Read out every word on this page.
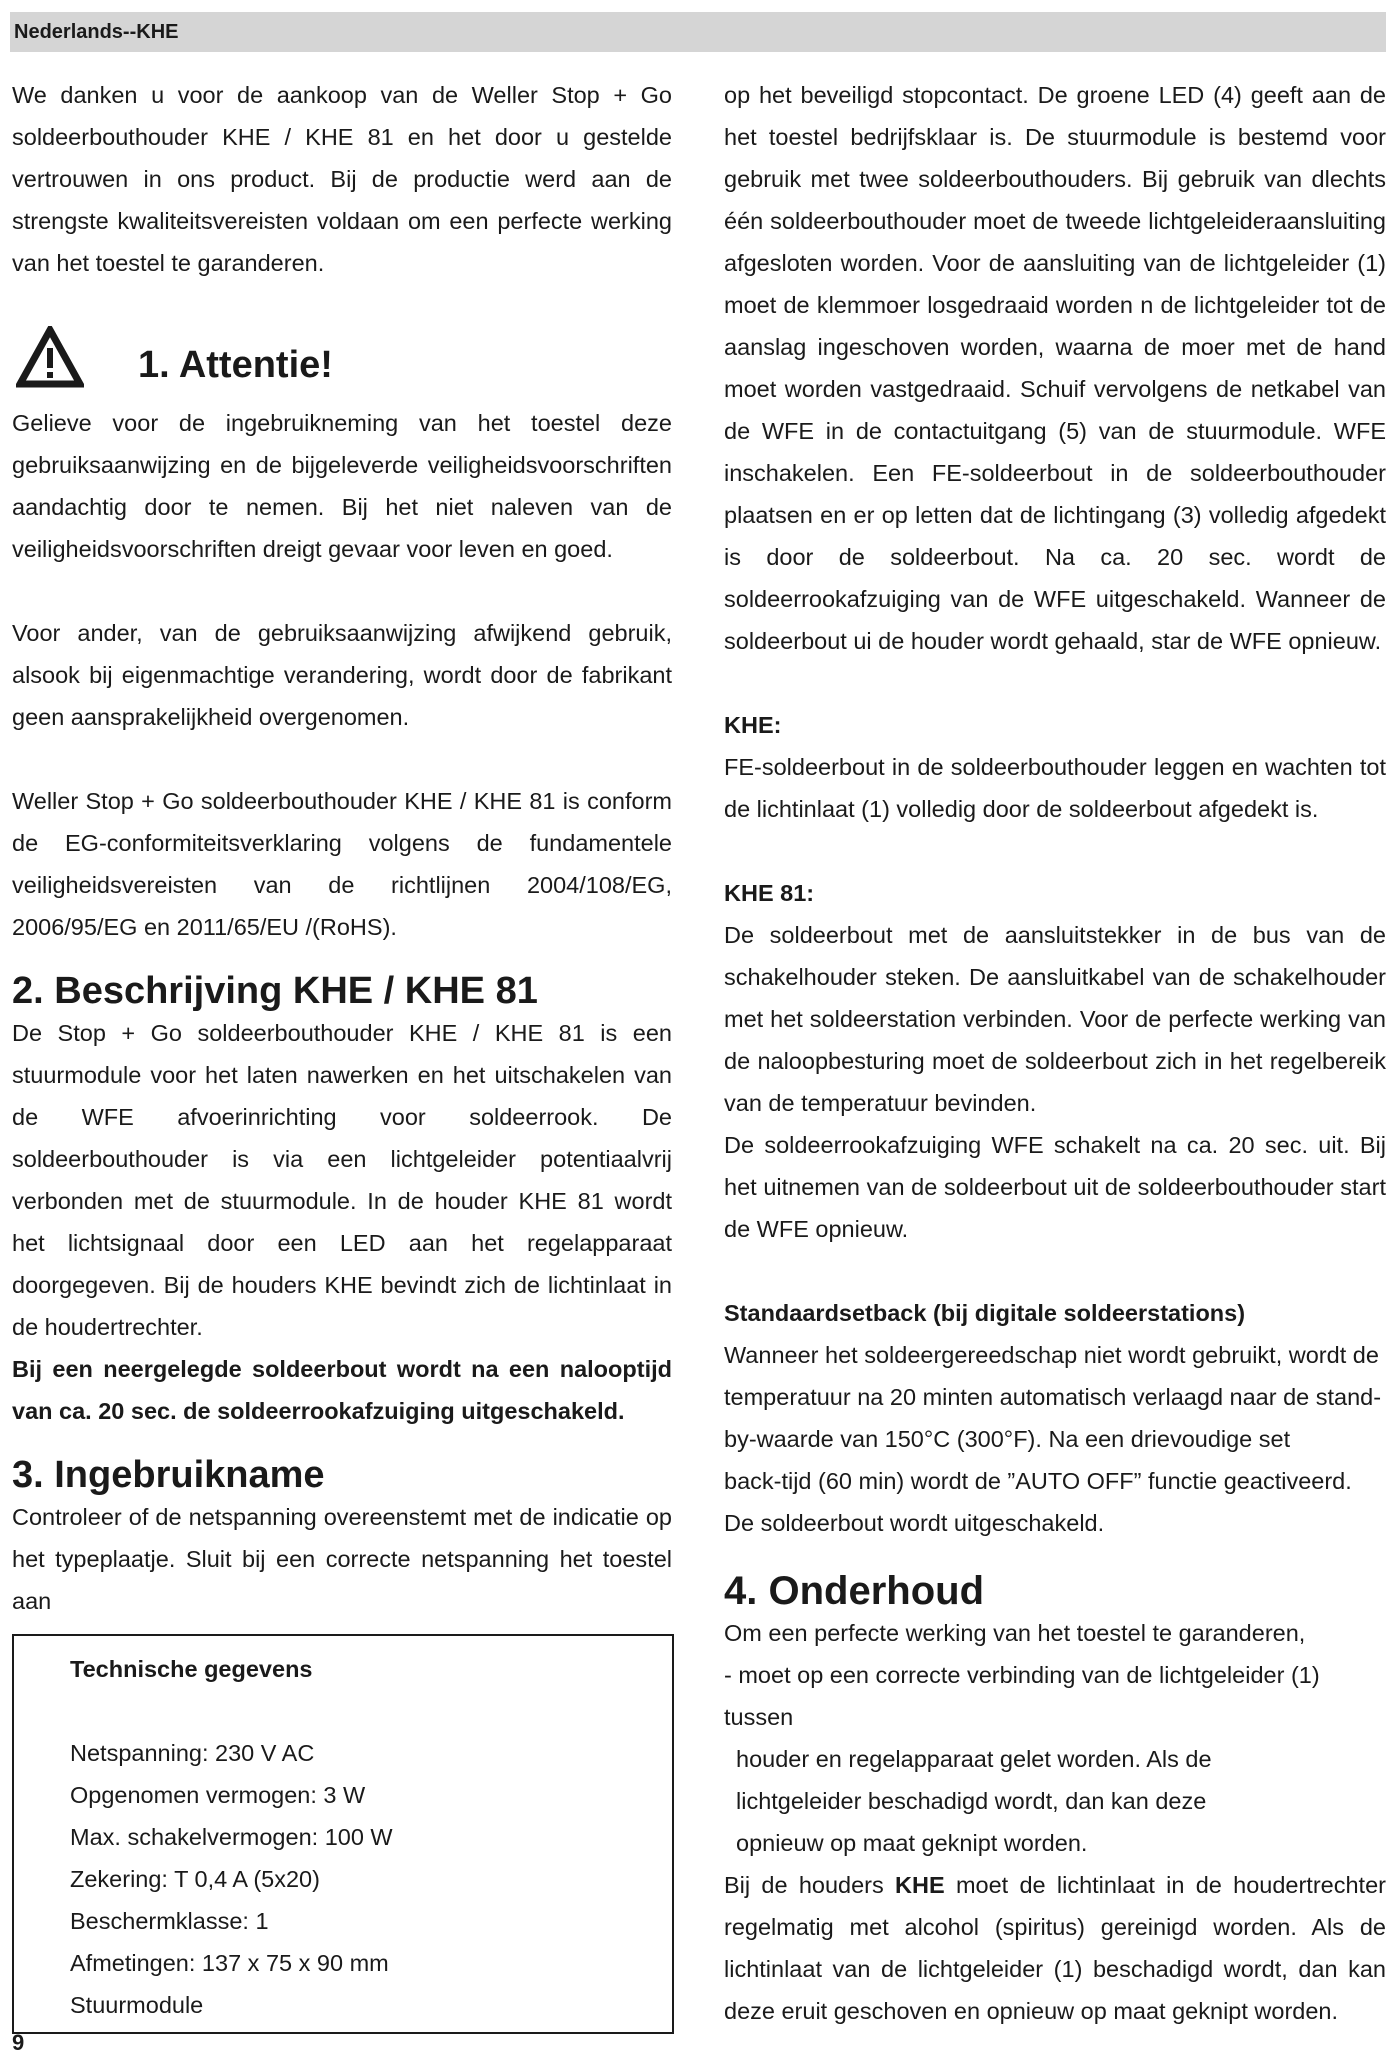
Nederlands--KHE

We danken u voor de aankoop van de Weller Stop + Go soldeerbouthouder KHE / KHE 81 en het door u gestelde vertrouwen in ons product. Bij de productie werd aan de strengste kwaliteitsvereisten voldaan om een perfecte werking van het toestel te garanderen.

1. Attentie!

Gelieve voor de ingebruikneming van het toestel deze gebruiksaanwijzing en de bijgeleverde veiligheidsvoorschriften aandachtig door te nemen. Bij het niet naleven van de veiligheidsvoorschriften dreigt gevaar voor leven en goed.

Voor ander, van de gebruiksaanwijzing afwijkend gebruik, alsook bij eigenmachtige verandering, wordt door de fabrikant geen aansprakelijkheid overgenomen.

Weller Stop + Go soldeerbouthouder KHE / KHE 81 is conform de EG-conformiteitsverklaring volgens de fundamentele veiligheidsvereisten van de richtlijnen 2004/108/EG, 2006/95/EG en 2011/65/EU /(RoHS).

2. Beschrijving KHE / KHE 81

De Stop + Go soldeerbouthouder KHE / KHE 81 is een stuurmodule voor het laten nawerken en het uitschakelen van de WFE afvoerinrichting voor soldeerrook. De soldeerbouthouder is via een lichtgeleider potentiaalvrij verbonden met de stuurmodule. In de houder KHE 81 wordt het lichtsignaal door een LED aan het regelapparaat doorgegeven. Bij de houders KHE bevindt zich de lichtinlaat in de houdertrechter.

Bij een neergelegde soldeerbout wordt na een nalooptijd van ca. 20 sec. de soldeerrookafzuiging uitgeschakeld.

3. Ingebruikname

Controleer of de netspanning overeenstemt met de indicatie op het typeplaatje. Sluit bij een correcte netspanning het toestel aan

Technische gegevens
Netspanning: 230 V AC
Opgenomen vermogen: 3 W
Max. schakelvermogen: 100 W
Zekering: T 0,4 A (5x20)
Beschermklasse: 1
Afmetingen: 137 x 75 x 90 mm
Stuurmodule

op het beveiligd stopcontact. De groene LED (4) geeft aan de het toestel bedrijfsklaar is. De stuurmodule is bestemd voor gebruik met twee soldeerbouthouders. Bij gebruik van dlechts één soldeerbouthouder moet de tweede lichtgeleideraansluiting afgesloten worden. Voor de aansluiting van de lichtgeleider (1) moet de klemmoer losgedraaid worden n de lichtgeleider tot de aanslag ingeschoven worden, waarna de moer met de hand moet worden vastgedraaid. Schuif vervolgens de netkabel van de WFE in de contactuitgang (5) van de stuurmodule. WFE inschakelen. Een FE-soldeerbout in de soldeerbouthouder plaatsen en er op letten dat de lichtingang (3) volledig afgedekt is door de soldeerbout. Na ca. 20 sec. wordt de soldeerrookafzuiging van de WFE uitgeschakeld. Wanneer de soldeerbout ui de houder wordt gehaald, star de WFE opnieuw.

KHE:

FE-soldeerbout in de soldeerbouthouder leggen en wachten tot de lichtinlaat (1) volledig door de soldeerbout afgedekt is.

KHE 81:

De soldeerbout met de aansluitstekker in de bus van de schakelhouder steken. De aansluitkabel van de schakelhouder met het soldeerstation verbinden. Voor de perfecte werking van de naloopbesturing moet de soldeerbout zich in het regelbereik van de temperatuur bevinden.

De soldeerrookafzuiging WFE schakelt na ca. 20 sec. uit. Bij het uitnemen van de soldeerbout uit de soldeerbouthouder start de WFE opnieuw.

Standaardsetback (bij digitale soldeerstations)

Wanneer het soldeergereedschap niet wordt gebruikt, wordt de
temperatuur na 20 minten automatisch verlaagd naar de stand-
by-waarde van 150°C (300°F). Na een drievoudige set
back-tijd (60 min) wordt de ”AUTO OFF” functie geactiveerd.
De soldeerbout wordt uitgeschakeld.
4. Onderhoud

Om een perfecte werking van het toestel te garanderen,

- moet op een correcte verbinding van de lichtgeleider (1) tussen

houder en regelapparaat gelet worden. Als de lichtgeleider beschadigd wordt, dan kan deze opnieuw op maat geknipt worden.

Bij de houders KHE moet de lichtinlaat in de houdertrechter regelmatig met alcohol (spiritus) gereinigd worden. Als de lichtinlaat van de lichtgeleider (1) beschadigd wordt, dan kan deze eruit geschoven en opnieuw op maat geknipt worden.

9
